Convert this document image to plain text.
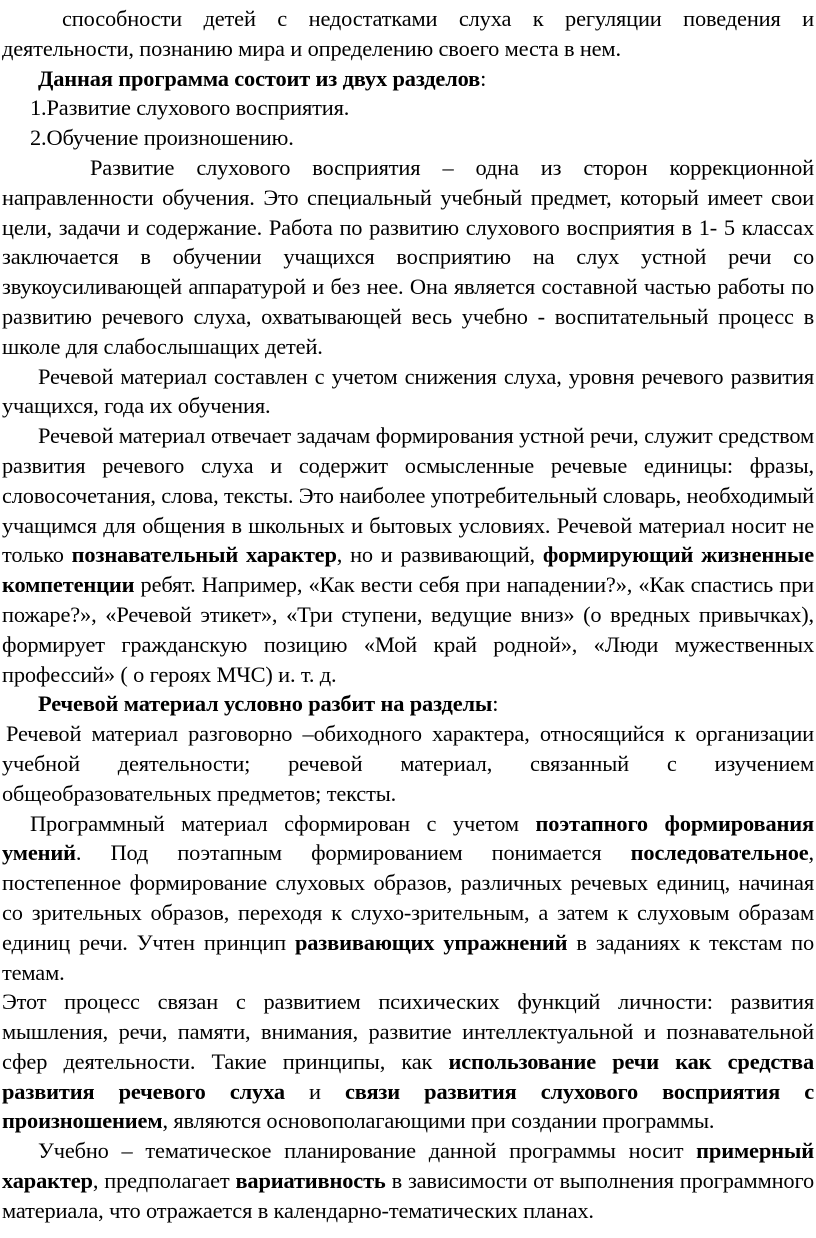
способности детей с недостатками слуха к регуляции поведения и деятельности, познанию мира и определению своего места в нем.

Данная программа состоит из двух разделов:

1.Развитие слухового восприятия.

2.Обучение произношению.

Развитие слухового восприятия – одна из сторон коррекционной направленности обучения. Это специальный учебный предмет, который имеет свои цели, задачи и содержание. Работа по развитию слухового восприятия в 1- 5 классах заключается в обучении учащихся восприятию на слух устной речи со звукоусиливающей аппаратурой и без нее. Она является составной частью работы по развитию речевого слуха, охватывающей весь учебно - воспитательный процесс в школе для слабослышащих детей.

Речевой материал составлен с учетом снижения слуха, уровня речевого развития учащихся, года их обучения.

Речевой материал отвечает задачам формирования устной речи, служит средством развития речевого слуха и содержит осмысленные речевые единицы: фразы, словосочетания, слова, тексты. Это наиболее употребительный словарь, необходимый учащимся для общения в школьных и бытовых условиях. Речевой материал носит не только познавательный характер, но и развивающий, формирующий жизненные компетенции ребят. Например, «Как вести себя при нападении?», «Как спастись при пожаре?», «Речевой этикет», «Три ступени, ведущие вниз» (о вредных привычках), формирует гражданскую позицию «Мой край родной», «Люди мужественных профессий» ( о героях МЧС) и. т. д.

Речевой материал условно разбит на разделы:

Речевой материал разговорно –обиходного характера, относящийся к организации учебной деятельности; речевой материал, связанный с изучением общеобразовательных предметов; тексты.

Программный материал сформирован с учетом поэтапного формирования умений. Под поэтапным формированием понимается последовательное, постепенное формирование слуховых образов, различных речевых единиц, начиная со зрительных образов, переходя к слухо-зрительным, а затем к слуховым образам единиц речи. Учтен принцип развивающих упражнений в заданиях к текстам по темам.

Этот процесс связан с развитием психических функций личности: развития мышления, речи, памяти, внимания, развитие интеллектуальной и познавательной сфер деятельности. Такие принципы, как использование речи как средства развития речевого слуха и связи развития слухового восприятия с произношением, являются основополагающими при создании программы.

Учебно – тематическое планирование данной программы носит примерный характер, предполагает вариативность в зависимости от выполнения программного материала, что отражается в календарно-тематических планах.
